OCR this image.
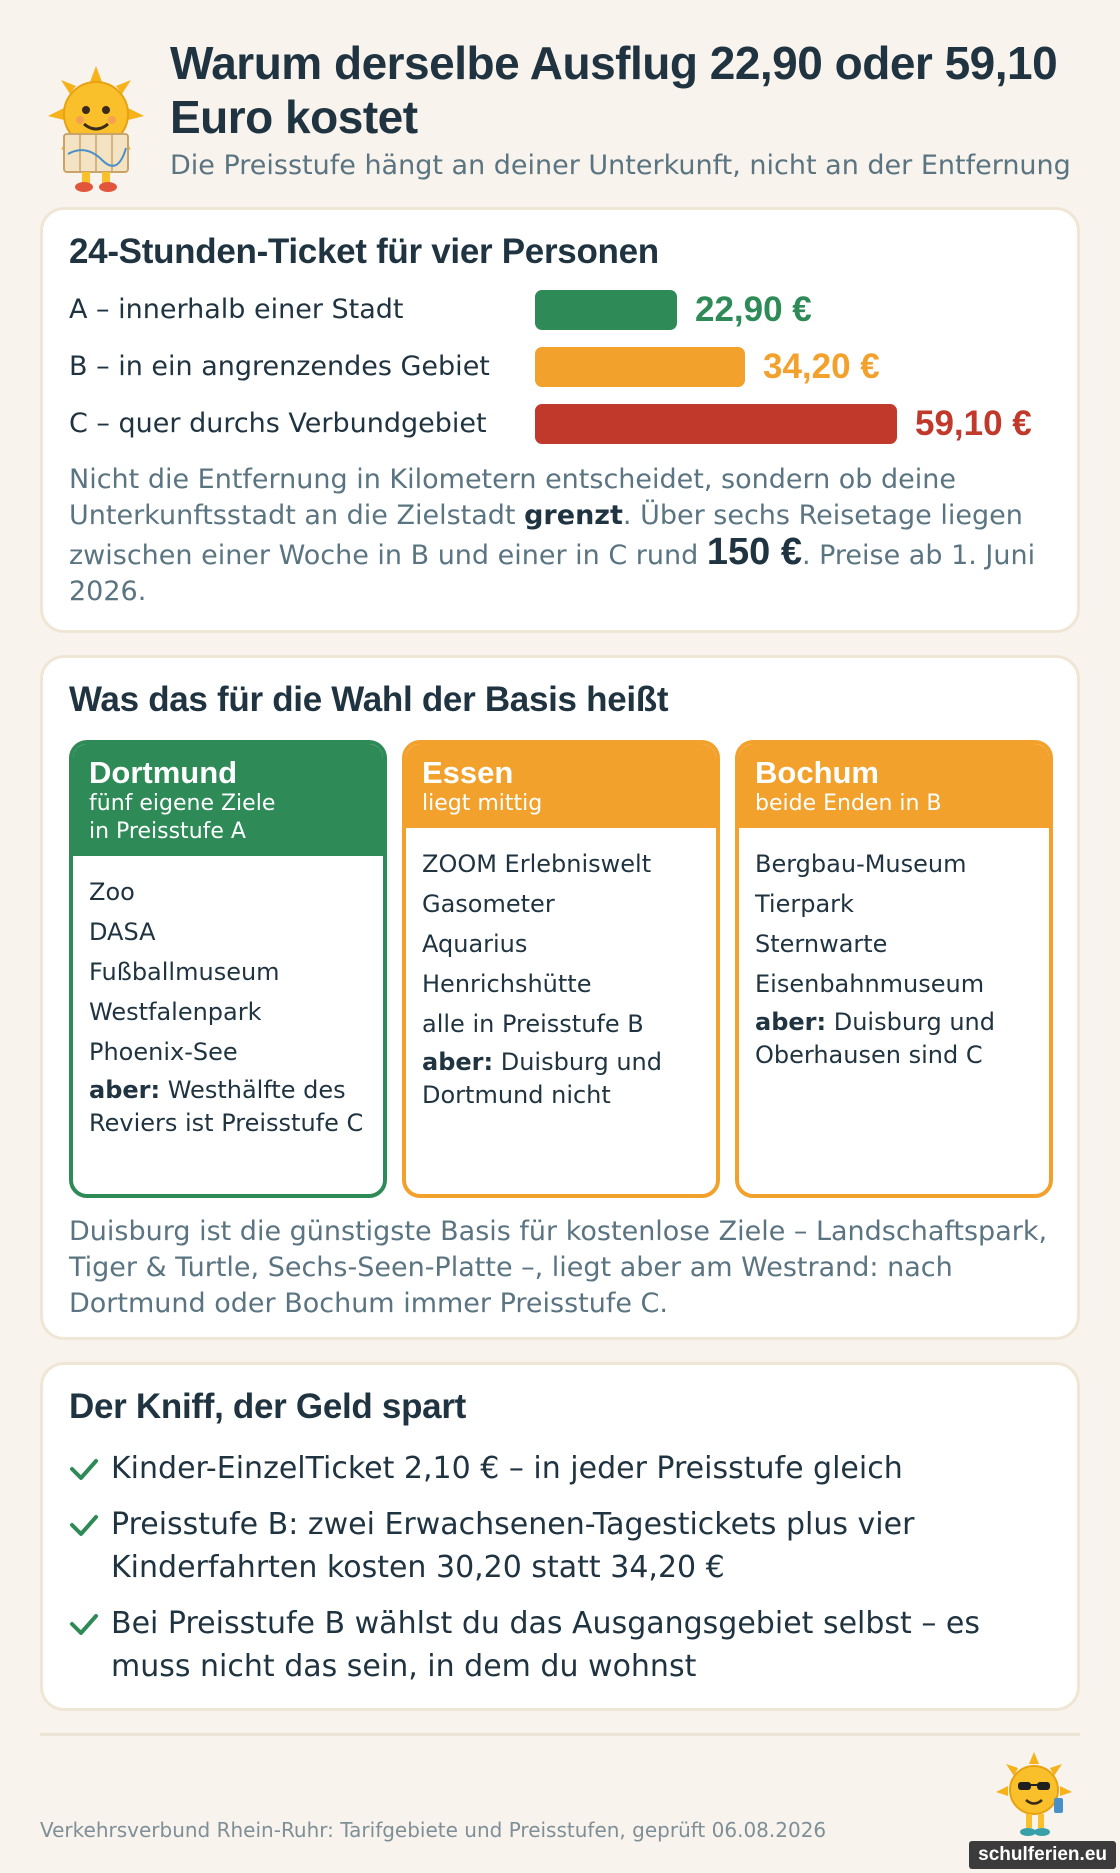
Warum derselbe Ausflug 22,90 oder 59,10 Euro kostet
Die Preisstufe hängt an deiner Unterkunft, nicht an der Entfernung
24-Stunden-Ticket für vier Personen
A – innerhalb einer Stadt	22,90 €
B – in ein angrenzendes Gebiet	34,20 €
C – quer durchs Verbundgebiet	59,10 €
Nicht die Entfernung in Kilometern entscheidet, sondern ob deine Unterkunftsstadt an die Zielstadt grenzt. Über sechs Reisetage liegen zwischen einer Woche in B und einer in C rund 150 €. Preise ab 1. Juni 2026.
Was das für die Wahl der Basis heißt
Dortmund
fünf eigene Ziele
in Preisstufe A
Zoo
DASA
Fußballmuseum
Westfalenpark
Phoenix-See
aber: Westhälfte des Reviers ist Preisstufe C
Essen
liegt mittig
ZOOM Erlebniswelt
Gasometer
Aquarius
Henrichshütte
alle in Preisstufe B
aber: Duisburg und Dortmund nicht
Bochum
beide Enden in B
Bergbau-Museum
Tierpark
Sternwarte
Eisenbahnmuseum
aber: Duisburg und Oberhausen sind C
Duisburg ist die günstigste Basis für kostenlose Ziele – Landschaftspark, Tiger & Turtle, Sechs-Seen-Platte –, liegt aber am Westrand: nach Dortmund oder Bochum immer Preisstufe C.
Der Kniff, der Geld spart
Kinder-EinzelTicket 2,10 € – in jeder Preisstufe gleich
Preisstufe B: zwei Erwachsenen-Tagestickets plus vier Kinderfahrten kosten 30,20 statt 34,20 €
Bei Preisstufe B wählst du das Ausgangsgebiet selbst – es muss nicht das sein, in dem du wohnst
Verkehrsverbund Rhein-Ruhr: Tarifgebiete und Preisstufen, geprüft 06.08.2026
schulferien.eu
